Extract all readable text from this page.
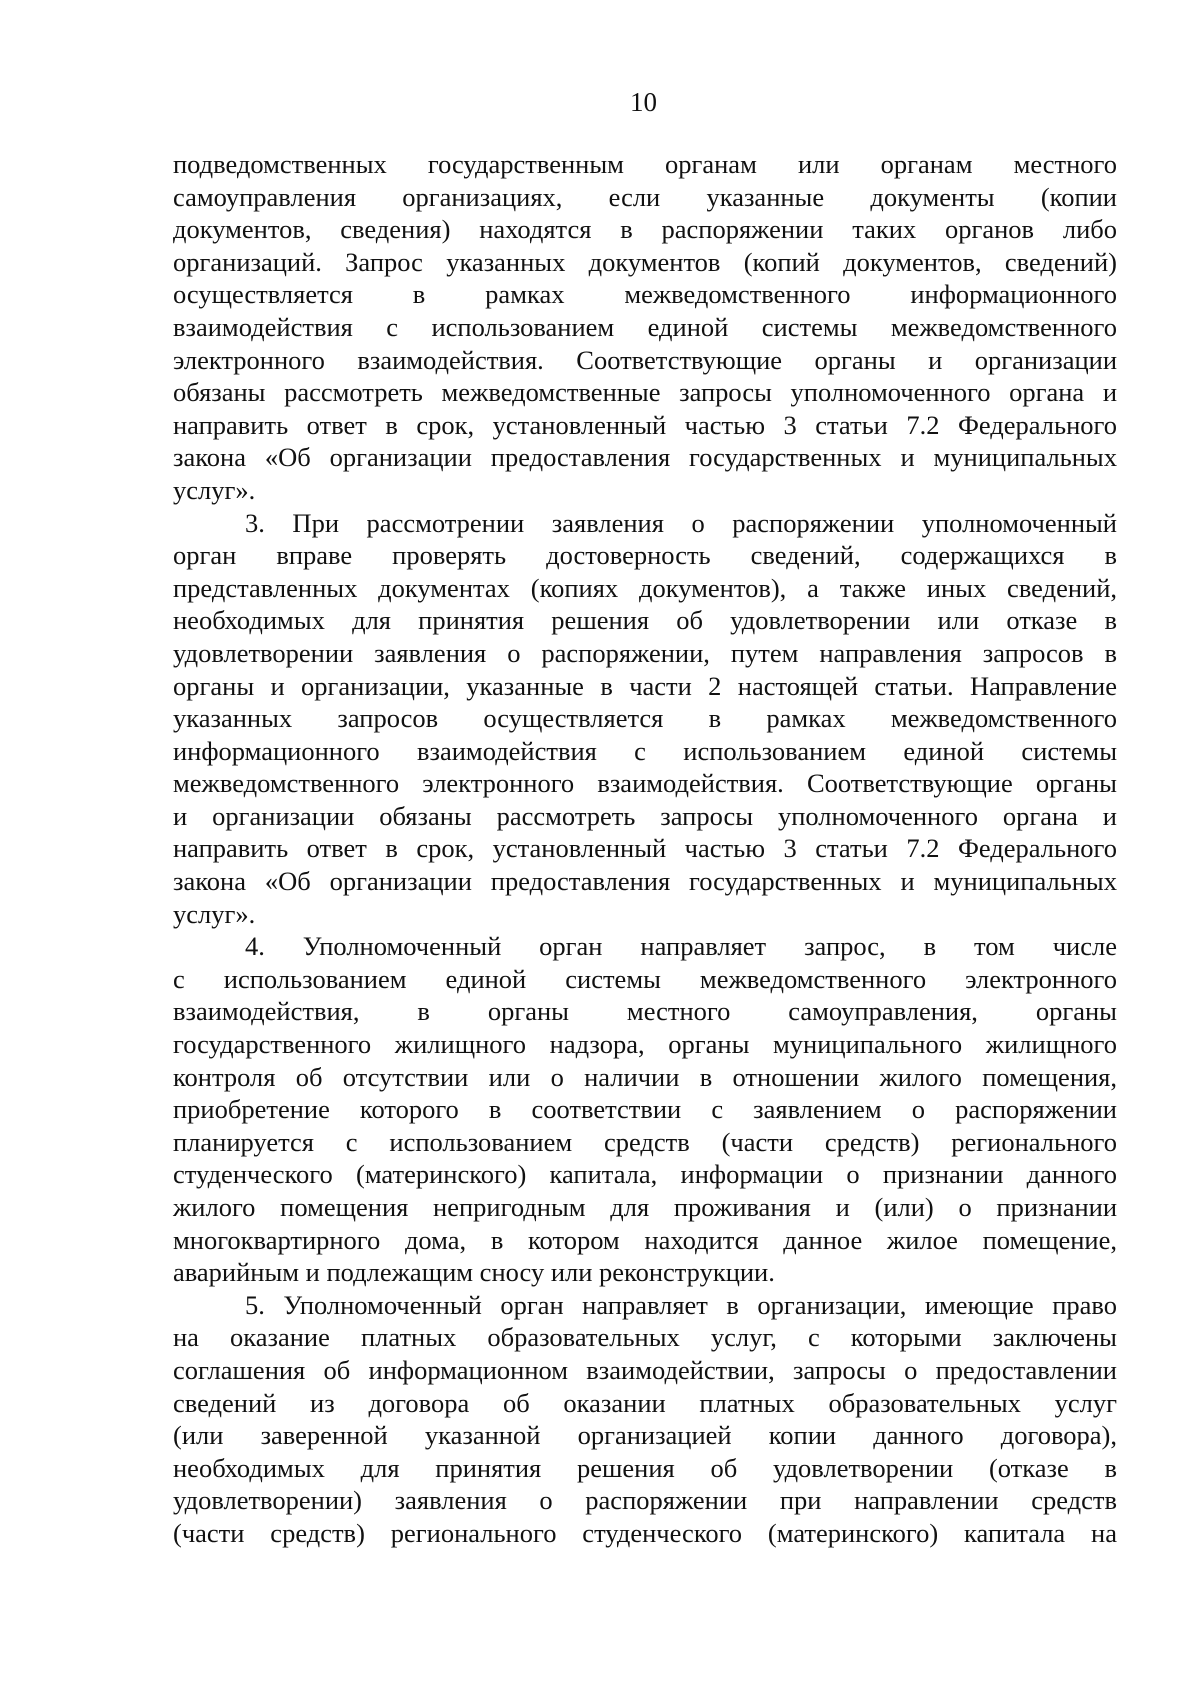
10
подведомственных государственным органам или органам местного
самоуправления организациях, если указанные документы (копии
документов, сведения) находятся в распоряжении таких органов либо
организаций. Запрос указанных документов (копий документов, сведений)
осуществляется в рамках межведомственного информационного
взаимодействия с использованием единой системы межведомственного
электронного взаимодействия. Соответствующие органы и организации
обязаны рассмотреть межведомственные запросы уполномоченного органа и
направить ответ в срок, установленный частью 3 статьи 7.2 Федерального
закона «Об организации предоставления государственных и муниципальных
услуг».
3. При рассмотрении заявления о распоряжении уполномоченный
орган вправе проверять достоверность сведений, содержащихся в
представленных документах (копиях документов), а также иных сведений,
необходимых для принятия решения об удовлетворении или отказе в
удовлетворении заявления о распоряжении, путем направления запросов в
органы и организации, указанные в части 2 настоящей статьи. Направление
указанных запросов осуществляется в рамках межведомственного
информационного взаимодействия с использованием единой системы
межведомственного электронного взаимодействия. Соответствующие органы
и организации обязаны рассмотреть запросы уполномоченного органа и
направить ответ в срок, установленный частью 3 статьи 7.2 Федерального
закона «Об организации предоставления государственных и муниципальных
услуг».
4. Уполномоченный орган направляет запрос, в том числе
с использованием единой системы межведомственного электронного
взаимодействия, в органы местного самоуправления, органы
государственного жилищного надзора, органы муниципального жилищного
контроля об отсутствии или о наличии в отношении жилого помещения,
приобретение которого в соответствии с заявлением о распоряжении
планируется с использованием средств (части средств) регионального
студенческого (материнского) капитала, информации о признании данного
жилого помещения непригодным для проживания и (или) о признании
многоквартирного дома, в котором находится данное жилое помещение,
аварийным и подлежащим сносу или реконструкции.
5. Уполномоченный орган направляет в организации, имеющие право
на оказание платных образовательных услуг, с которыми заключены
соглашения об информационном взаимодействии, запросы о предоставлении
сведений из договора об оказании платных образовательных услуг
(или заверенной указанной организацией копии данного договора),
необходимых для принятия решения об удовлетворении (отказе в
удовлетворении) заявления о распоряжении при направлении средств
(части средств) регионального студенческого (материнского) капитала на
